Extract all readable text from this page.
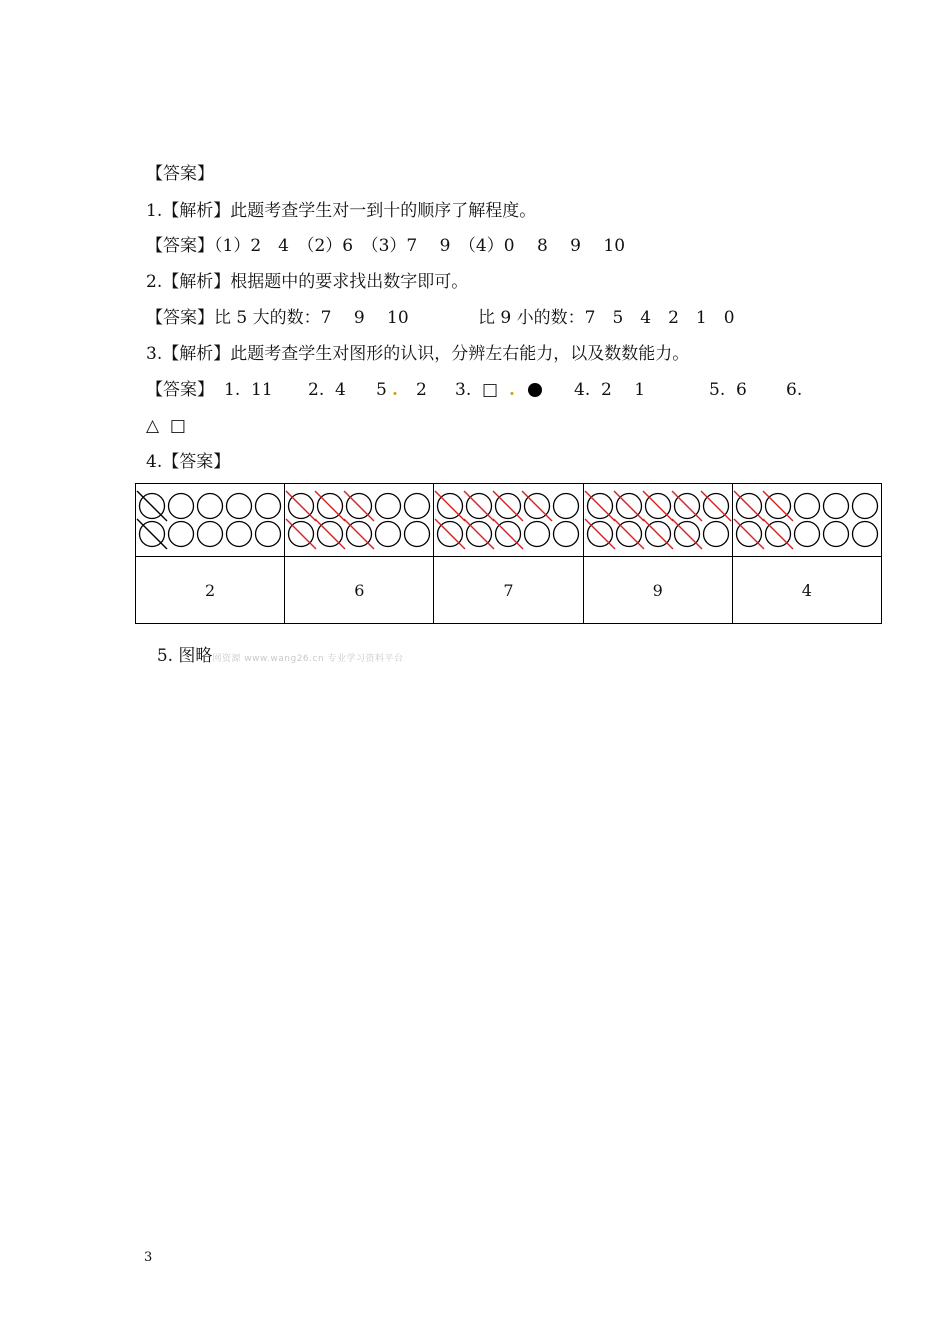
【答案】
1.【解析】此题考查学生对一到十的顺序了解程度。
【答案】（1）2　4　（2）6　（3）7　 9　（4）0　 8　 9　 10
2.【解析】根据题中的要求找出数字即可。

【答案】比 5 大的数：7　 9　 10

	比 9 小的数：7　5　4　2　1　0

3.【解析】此题考查学生对图形的认识，分辨左右能力，以及数数能力。

【答案】

1.  11

2.  4

5

.

2

3.  □

.

	4.  2　 1

	5.  6

6.

△  □
4.【答案】

2	6	7	9	4

5. 图略网资源 www.wang26.cn 专业学习资料平台

3
